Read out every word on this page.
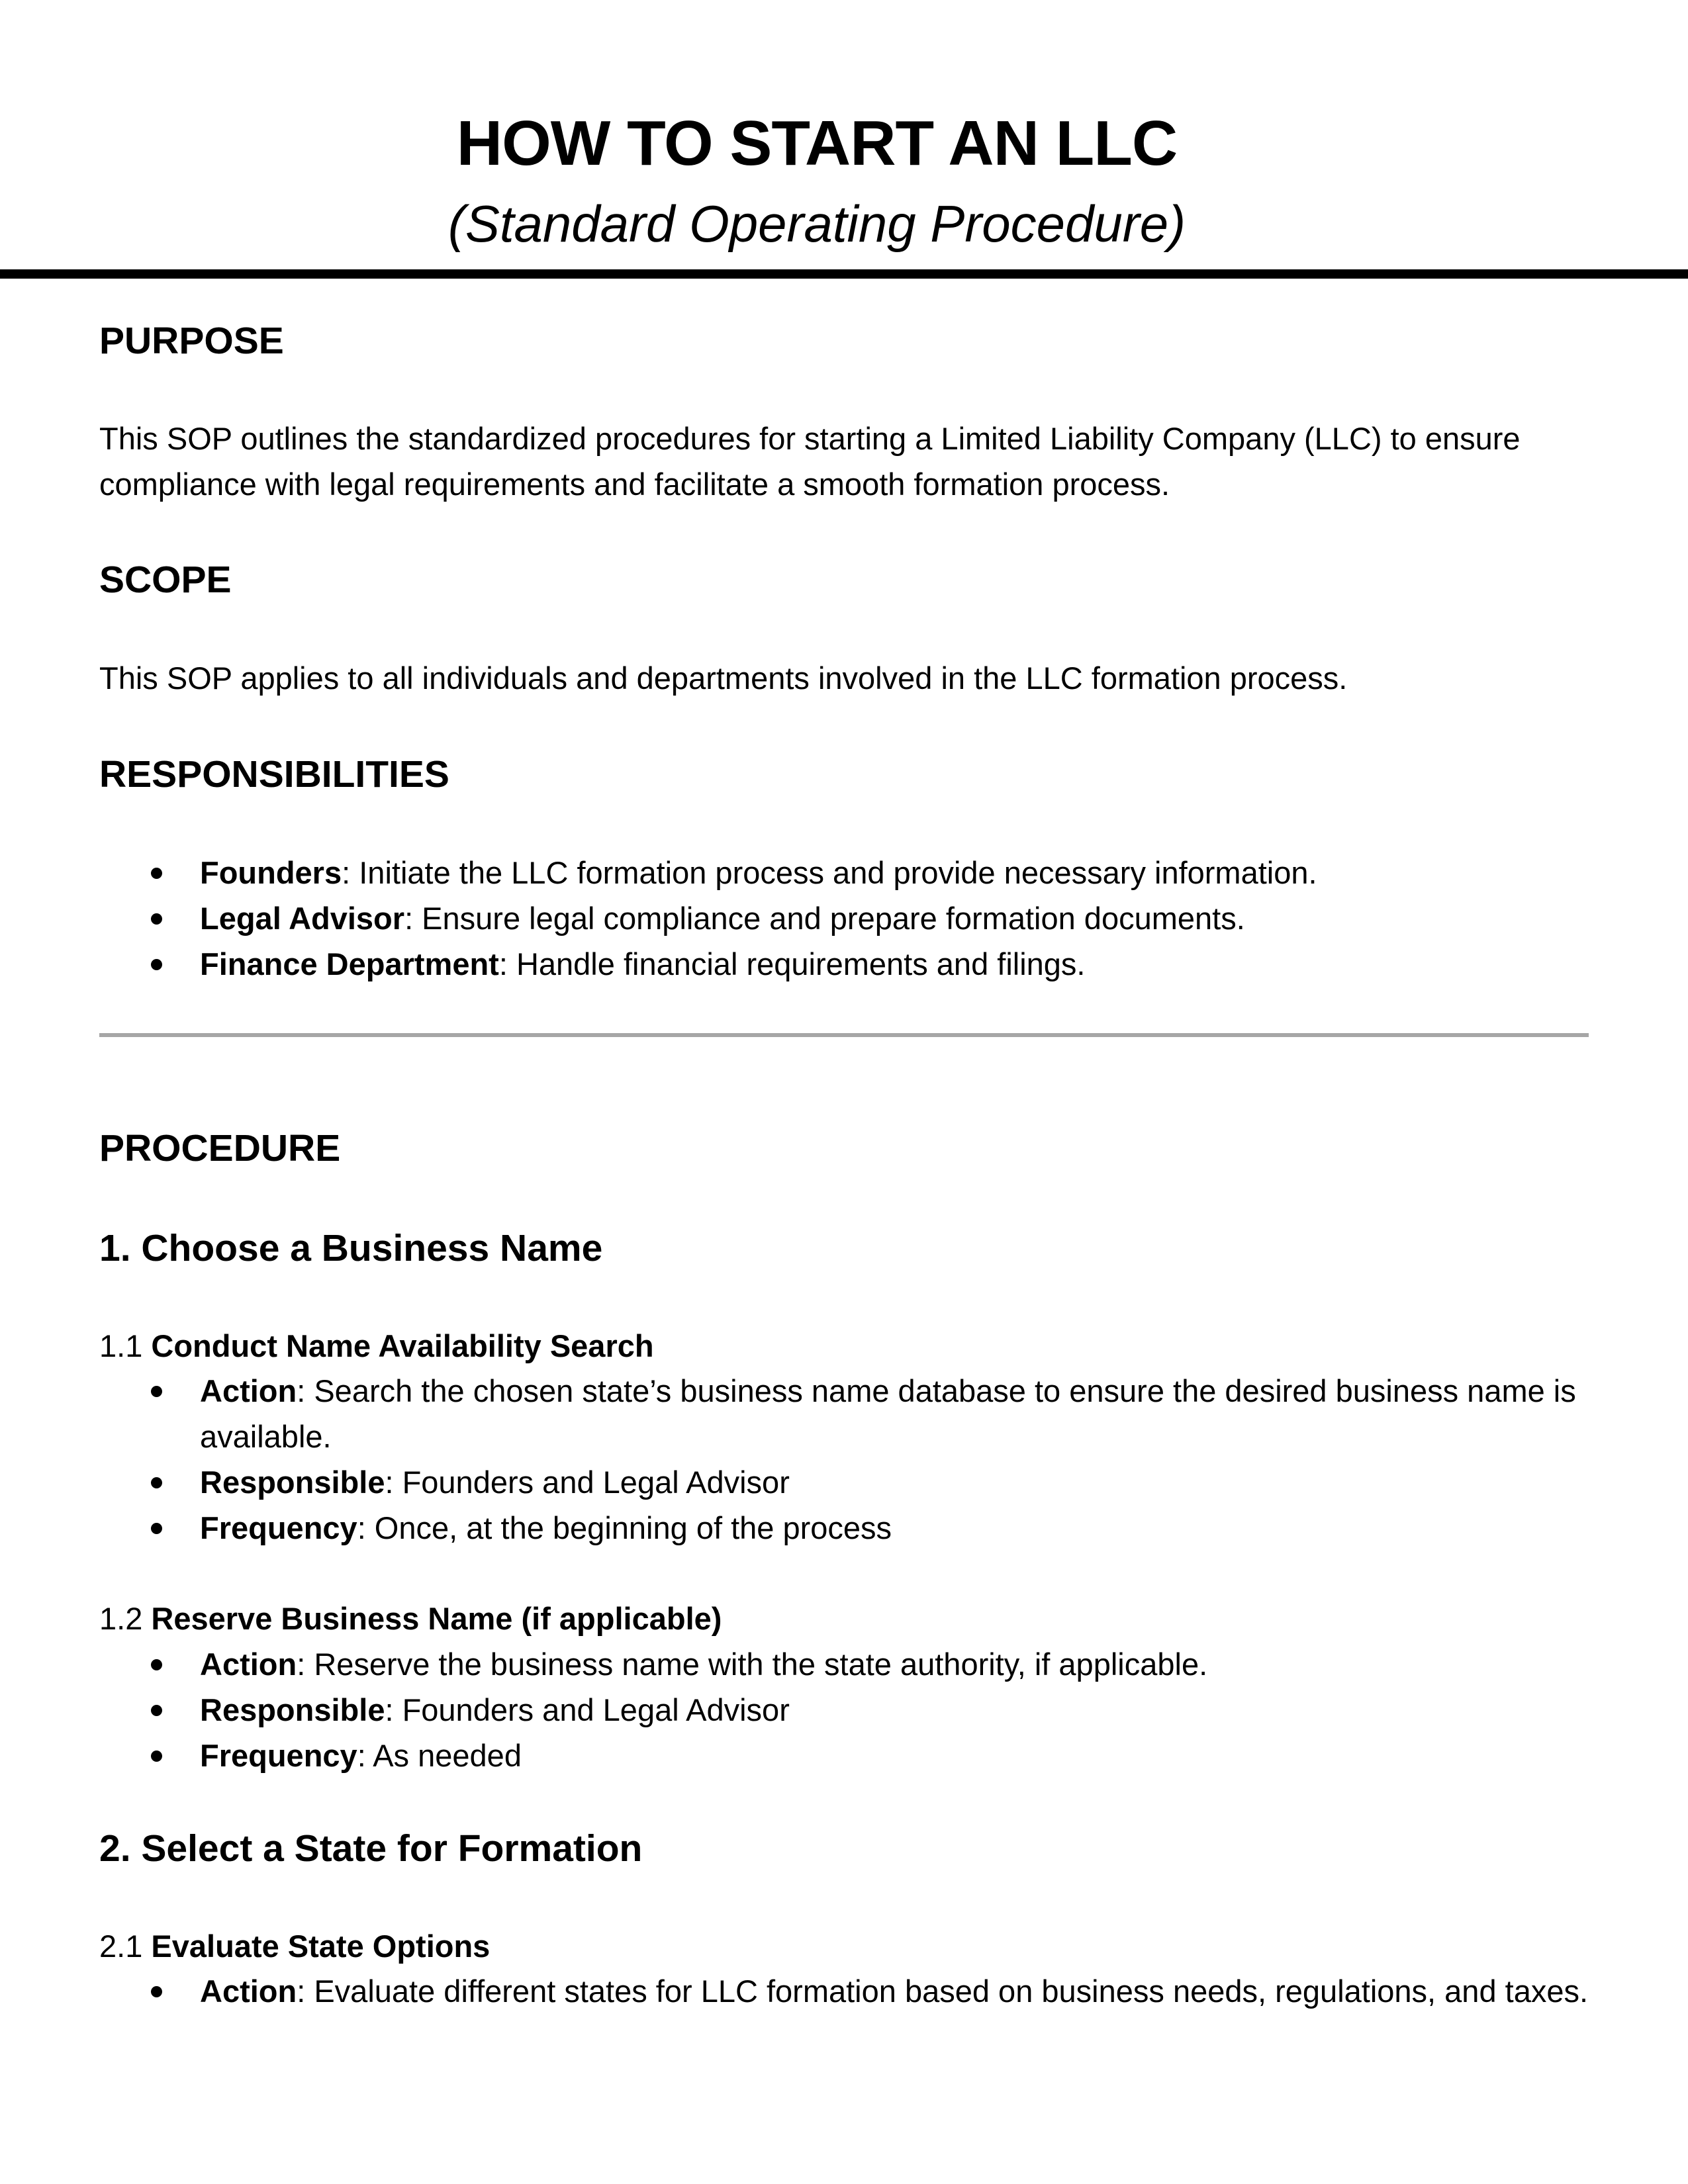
HOW TO START AN LLC
(Standard Operating Procedure)
PURPOSE
This SOP outlines the standardized procedures for starting a Limited Liability Company (LLC) to ensure compliance with legal requirements and facilitate a smooth formation process.
SCOPE
This SOP applies to all individuals and departments involved in the LLC formation process.
RESPONSIBILITIES
Founders: Initiate the LLC formation process and provide necessary information.
Legal Advisor: Ensure legal compliance and prepare formation documents.
Finance Department: Handle financial requirements and filings.
PROCEDURE
1. Choose a Business Name
1.1 Conduct Name Availability Search
Action: Search the chosen state’s business name database to ensure the desired business name is available.
Responsible: Founders and Legal Advisor
Frequency: Once, at the beginning of the process
1.2 Reserve Business Name (if applicable)
Action: Reserve the business name with the state authority, if applicable.
Responsible: Founders and Legal Advisor
Frequency: As needed
2. Select a State for Formation
2.1 Evaluate State Options
Action: Evaluate different states for LLC formation based on business needs, regulations, and taxes.
